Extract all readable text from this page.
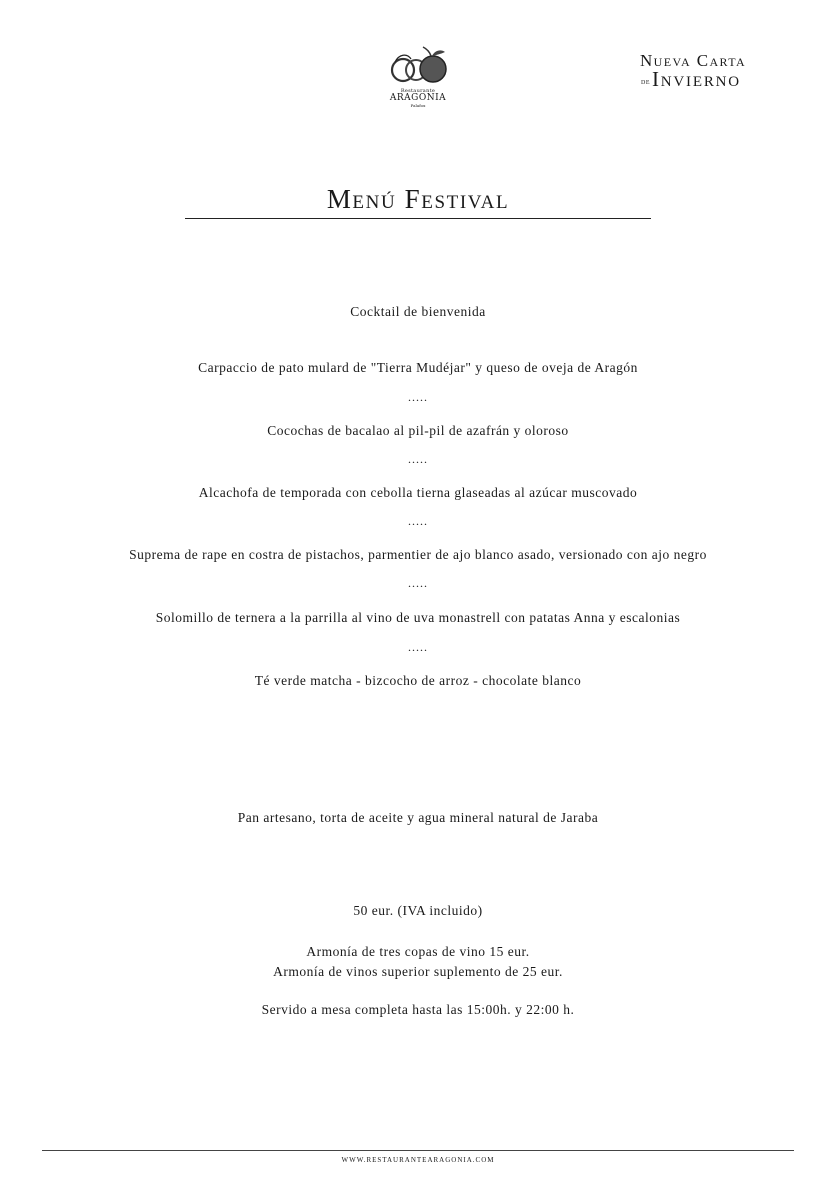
Restaurante
ARAGONIA
Palafox
Nueva Carta
de Invierno
Menú Festival
Cocktail de bienvenida
Carpaccio de pato mulard de "Tierra Mudéjar" y queso de oveja de Aragón
.....
Cocochas de bacalao al pil-pil de azafrán y oloroso
.....
Alcachofa de temporada con cebolla tierna glaseadas al azúcar muscovado
.....
Suprema de rape en costra de pistachos, parmentier de ajo blanco asado, versionado con ajo negro
.....
Solomillo de ternera a la parrilla al vino de uva monastrell con patatas Anna y escalonias
.....
Té verde matcha - bizcocho de arroz - chocolate blanco
Pan artesano, torta de aceite y agua mineral natural de Jaraba
50 eur. (IVA incluido)
Armonía de tres copas de vino 15 eur.
Armonía de vinos superior suplemento de 25 eur.
Servido a mesa completa hasta las 15:00h. y 22:00 h.
WWW.RESTAURANTEARAGONIA.COM
